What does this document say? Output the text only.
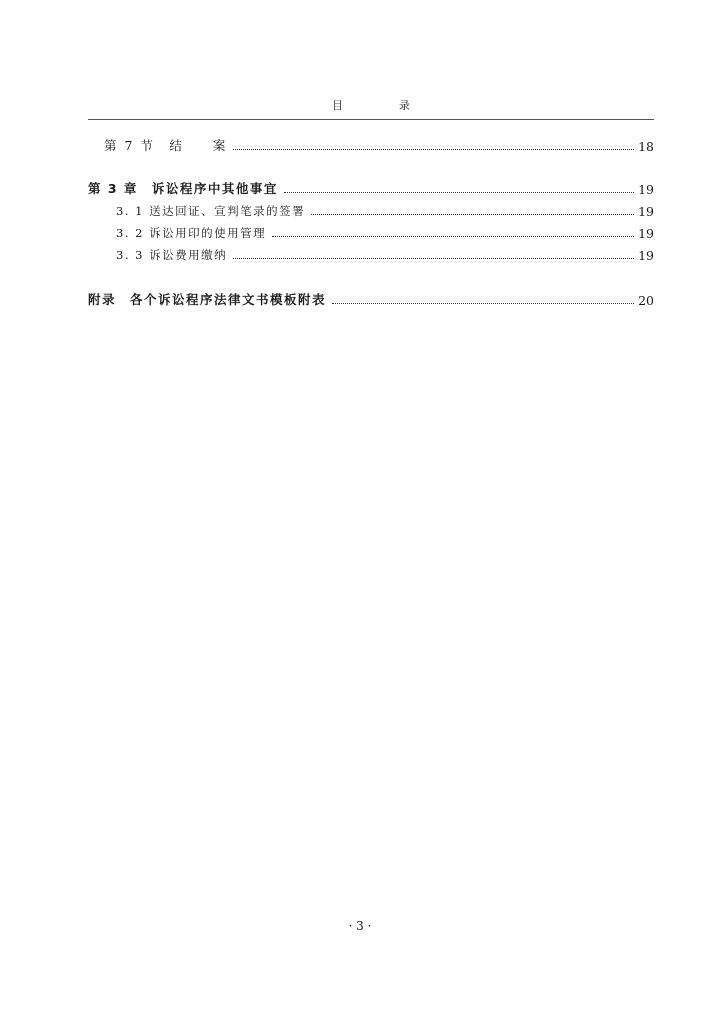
目	录
第 7 节　结　　案	18
第 3 章　诉讼程序中其他事宜	19
3. 1 送达回证、宣判笔录的签署	19
3. 2 诉讼用印的使用管理	19
3. 3 诉讼费用缴纳	19
附录　各个诉讼程序法律文书模板附表	20
· 3 ·
